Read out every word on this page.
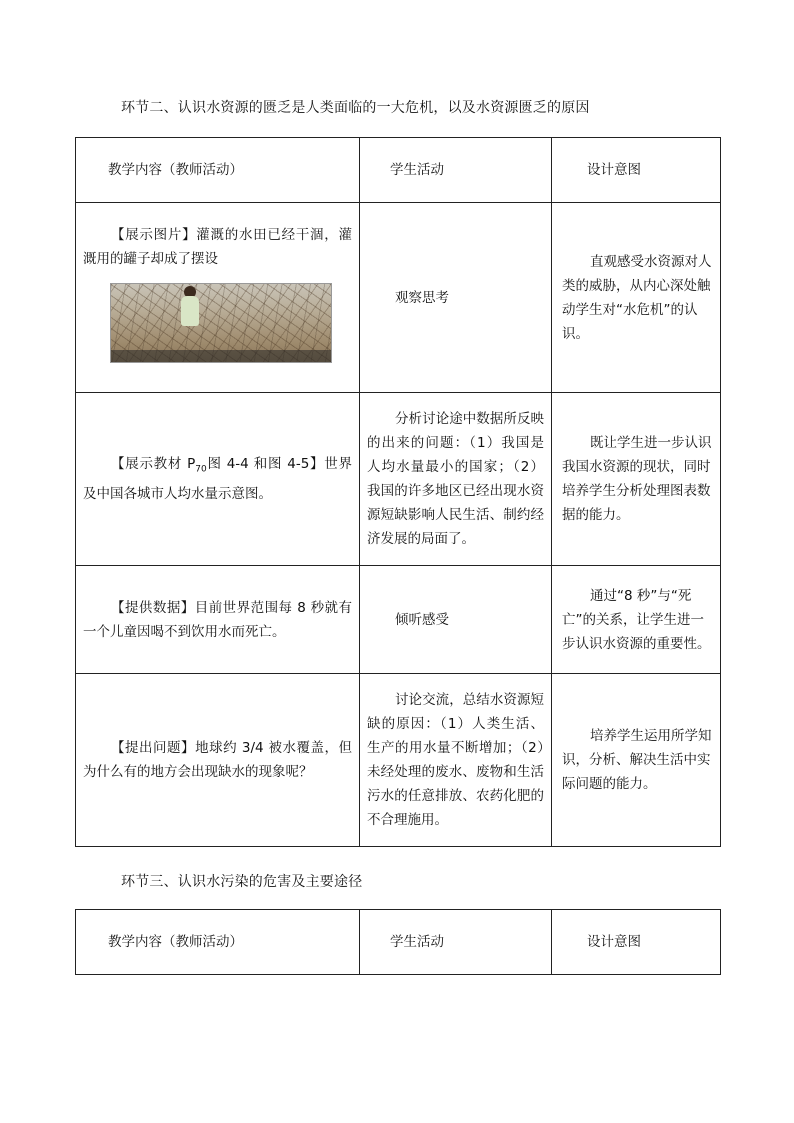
环节二、认识水资源的匮乏是人类面临的一大危机，以及水资源匮乏的原因
教学内容（教师活动）	学生活动	设计意图

【展示图片】灌溉的水田已经干涸，灌溉用的罐子却成了摆设	观察思考	直观感受水资源对人类的威胁，从内心深处触动学生对“水危机”的认识。

【展示教材 $P_{70}$图 4-4 和图 4-5】世界及中国各城市人均水量示意图。	分析讨论途中数据所反映的出来的问题：（1）我国是人均水量最小的国家；（2）我国的许多地区已经出现水资源短缺影响人民生活、制约经济发展的局面了。	既让学生进一步认识我国水资源的现状，同时培养学生分析处理图表数据的能力。

【提供数据】目前世界范围每 8 秒就有一个儿童因喝不到饮用水而死亡。	倾听感受	通过“8 秒”与“死亡”的关系，让学生进一步认识水资源的重要性。

【提出问题】地球约 3/4 被水覆盖，但为什么有的地方会出现缺水的现象呢？	讨论交流，总结水资源短缺的原因：（1）人类生活、生产的用水量不断增加；（2）未经处理的废水、废物和生活污水的任意排放、农药化肥的不合理施用。	培养学生运用所学知识，分析、解决生活中实际问题的能力。
环节三、认识水污染的危害及主要途径
教学内容（教师活动）	学生活动	设计意图
